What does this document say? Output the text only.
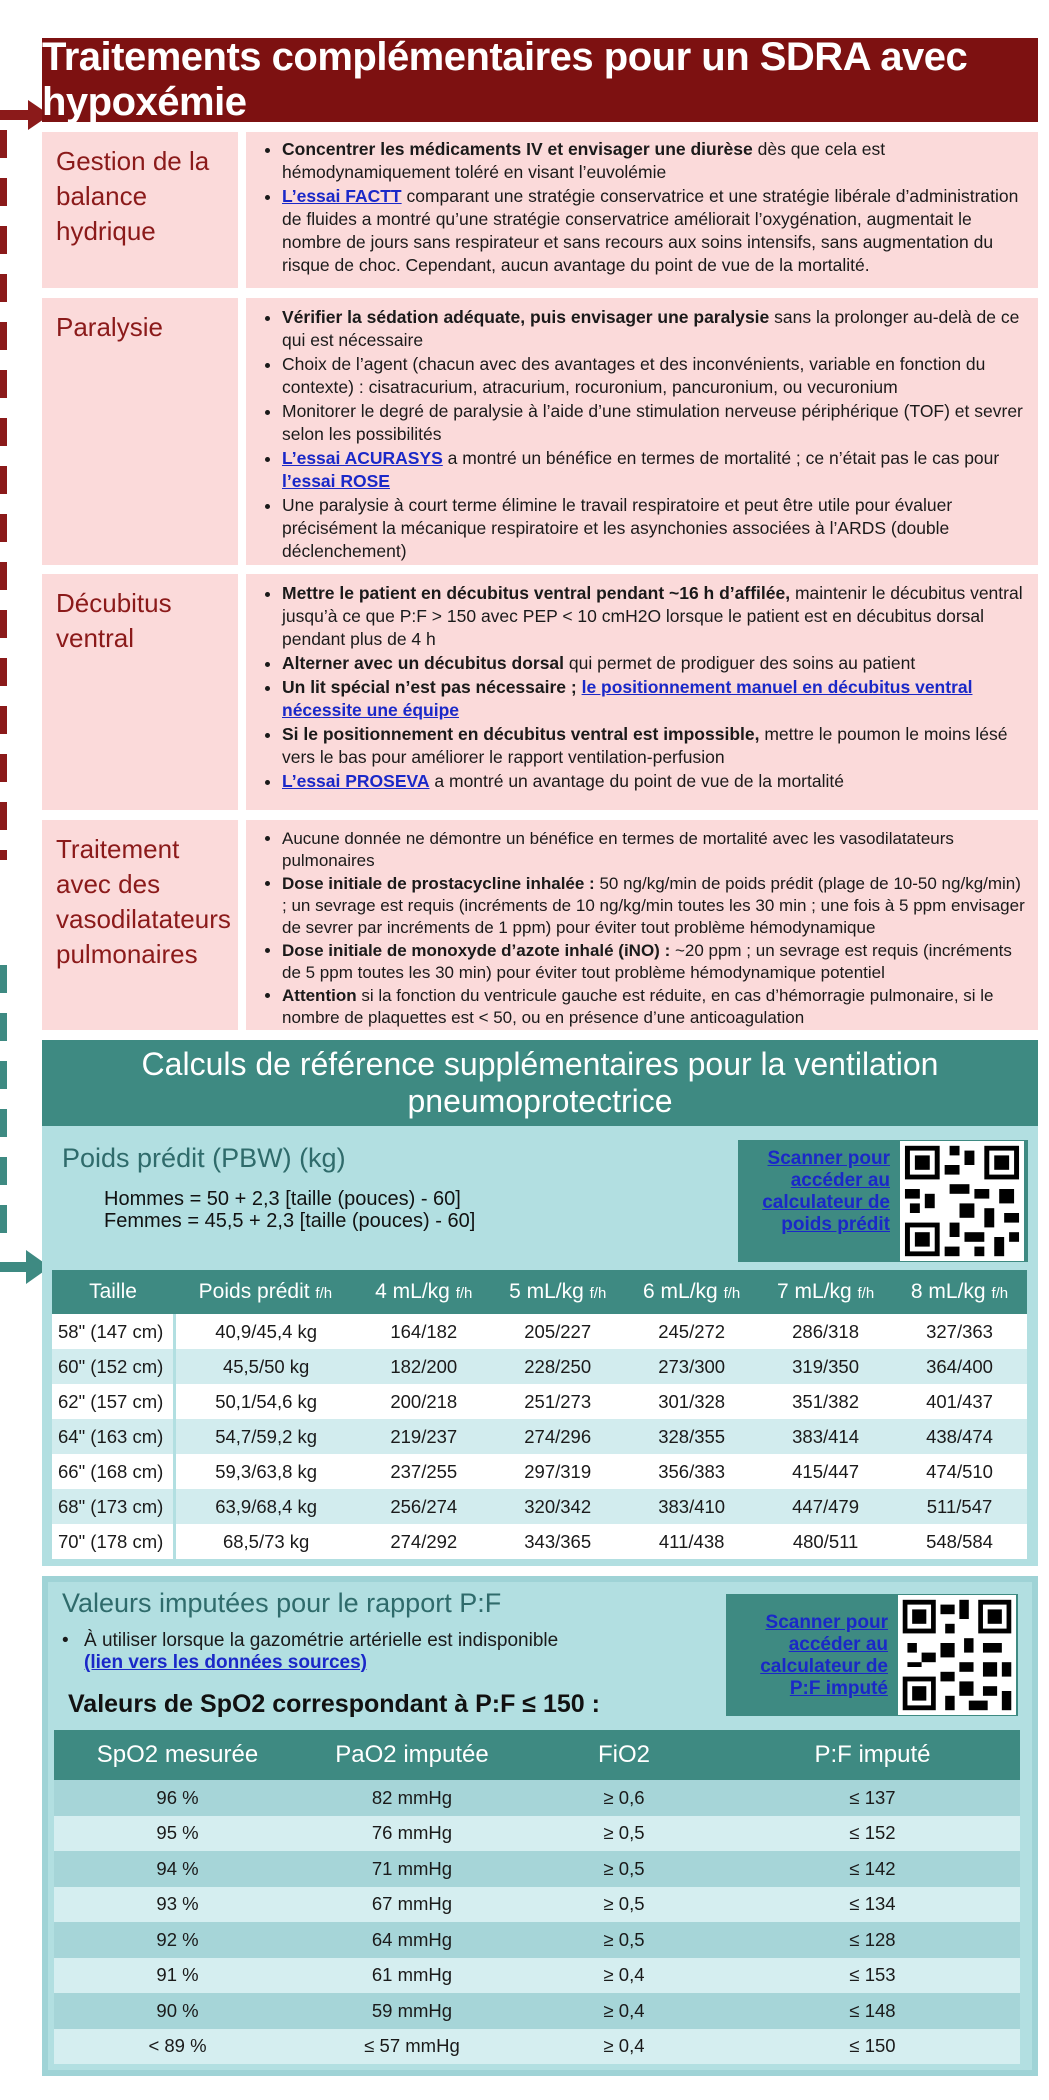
Traitements complémentaires pour un SDRA avec hypoxémie
Gestion de la balance hydrique
• Concentrer les médicaments IV et envisager une diurèse dès que cela est hémodynamiquement toléré en visant l’euvolémie
• L’essai FACTT comparant une stratégie conservatrice et une stratégie libérale d’administration de fluides a montré qu’une stratégie conservatrice améliorait l’oxygénation, augmentait le nombre de jours sans respirateur et sans recours aux soins intensifs, sans augmentation du risque de choc. Cependant, aucun avantage du point de vue de la mortalité.
Paralysie	• Vérifier la sédation adéquate, puis envisager une paralysie sans la prolonger au-delà de ce qui est nécessaire
• Choix de l’agent (chacun avec des avantages et des inconvénients, variable en fonction du contexte) : cisatracurium, atracurium, rocuronium, pancuronium, ou vecuronium
• Monitorer le degré de paralysie à l’aide d’une stimulation nerveuse périphérique (TOF) et sevrer selon les possibilités
• L’essai ACURASYS a montré un bénéfice en termes de mortalité ; ce n’était pas le cas pour l’essai ROSE
• Une paralysie à court terme élimine le travail respiratoire et peut être utile pour évaluer précisément la mécanique respiratoire et les asynchonies associées à l’ARDS (double déclenchement)
Décubitus ventral
• Mettre le patient en décubitus ventral pendant ~16 h d’affilée, maintenir le décubitus ventral jusqu’à ce que P:F > 150 avec PEP < 10 cmH2O lorsque le patient est en décubitus dorsal pendant plus de 4 h
• Alterner avec un décubitus dorsal qui permet de prodiguer des soins au patient
• Un lit spécial n’est pas nécessaire ; le positionnement manuel en décubitus ventral nécessite une équipe
• Si le positionnement en décubitus ventral est impossible, mettre le poumon le moins lésé vers le bas pour améliorer le rapport ventilation-perfusion
• L’essai PROSEVA a montré un avantage du point de vue de la mortalité
Traitement avec des vasodilatateurs pulmonaires
• Aucune donnée ne démontre un bénéfice en termes de mortalité avec les vasodilatateurs pulmonaires
• Dose initiale de prostacycline inhalée : 50 ng/kg/min de poids prédit (plage de 10-50 ng/kg/min) ; un sevrage est requis (incréments de 10 ng/kg/min toutes les 30 min ; une fois à 5 ppm envisager de sevrer par incréments de 1 ppm) pour éviter tout problème hémodynamique
• Dose initiale de monoxyde d’azote inhalé (iNO) : ~20 ppm ; un sevrage est requis (incréments de 5 ppm toutes les 30 min) pour éviter tout problème hémodynamique potentiel
• Attention si la fonction du ventricule gauche est réduite, en cas d’hémorragie pulmonaire, si le nombre de plaquettes est < 50, ou en présence d’une anticoagulation
Calculs de référence supplémentaires pour la ventilation pneumoprotectrice
Poids prédit (PBW) (kg)
Hommes = 50 + 2,3 [taille (pouces) - 60]
Femmes = 45,5 + 2,3 [taille (pouces) - 60]
Scanner pour accéder au calculateur de poids prédit
Taille	Poids prédit f/h	4 mL/kg f/h	5 mL/kg f/h	6 mL/kg f/h	7 mL/kg f/h	8 mL/kg f/h
58" (147 cm)	40,9/45,4 kg	164/182	205/227	245/272	286/318	327/363
60" (152 cm)	45,5/50 kg	182/200	228/250	273/300	319/350	364/400
62" (157 cm)	50,1/54,6 kg	200/218	251/273	301/328	351/382	401/437
64" (163 cm)	54,7/59,2 kg	219/237	274/296	328/355	383/414	438/474
66" (168 cm)	59,3/63,8 kg	237/255	297/319	356/383	415/447	474/510
68" (173 cm)	63,9/68,4 kg	256/274	320/342	383/410	447/479	511/547
70" (178 cm)	68,5/73 kg	274/292	343/365	411/438	480/511	548/584
Valeurs imputées pour le rapport P:F
• À utiliser lorsque la gazométrie artérielle est indisponible
(lien vers les données sources)
Scanner pour accéder au calculateur de P:F imputé
Valeurs de SpO2 correspondant à P:F ≤ 150 :
SpO2 mesurée	PaO2 imputée	FiO2	P:F imputé
96 %	82 mmHg	≥ 0,6	≤ 137
95 %	76 mmHg	≥ 0,5	≤ 152
94 %	71 mmHg	≥ 0,5	≤ 142
93 %	67 mmHg	≥ 0,5	≤ 134
92 %	64 mmHg	≥ 0,5	≤ 128
91 %	61 mmHg	≥ 0,4	≤ 153
90 %	59 mmHg	≥ 0,4	≤ 148
< 89 %	≤ 57 mmHg	≥ 0,4	≤ 150
